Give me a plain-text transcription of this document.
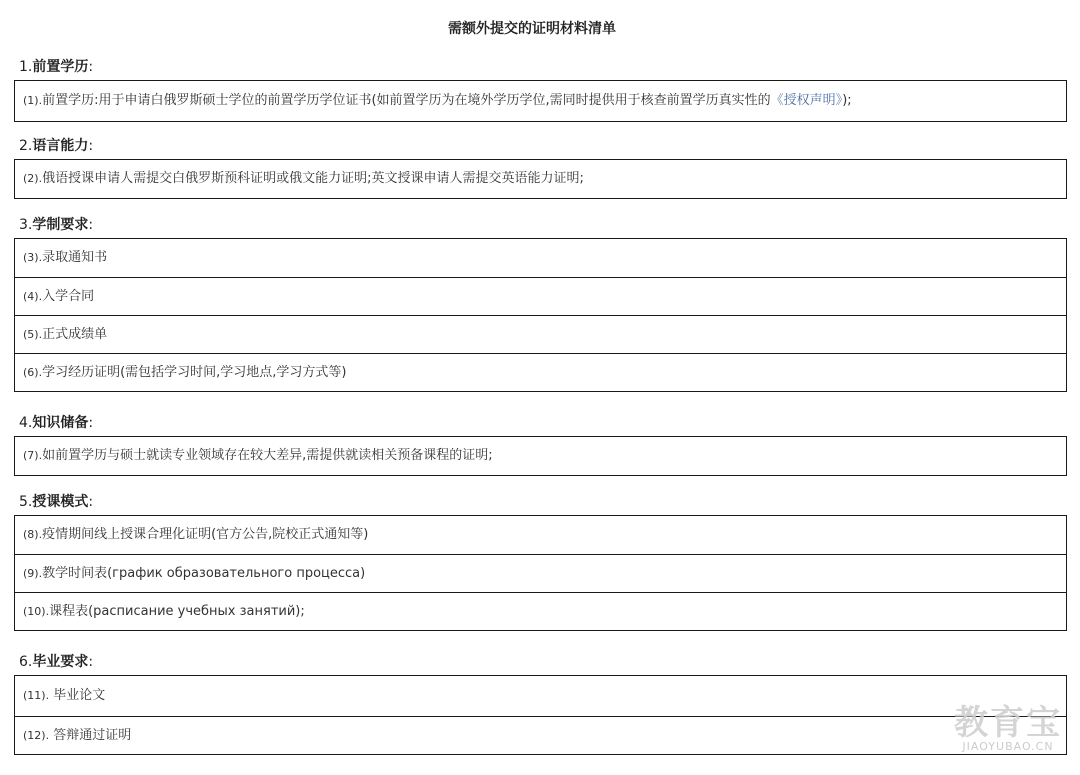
需额外提交的证明材料清单
1.前置学历:
(1).前置学历:用于申请白俄罗斯硕士学位的前置学历学位证书(如前置学历为在境外学历学位,需同时提供用于核查前置学历真实性的《授权声明》);
2.语言能力:
(2).俄语授课申请人需提交白俄罗斯预科证明或俄文能力证明;英文授课申请人需提交英语能力证明;
3.学制要求:
(3).录取通知书
(4).入学合同
(5).正式成绩单
(6).学习经历证明(需包括学习时间,学习地点,学习方式等)
4.知识储备:
(7).如前置学历与硕士就读专业领域存在较大差异,需提供就读相关预备课程的证明;
5.授课模式:
(8).疫情期间线上授课合理化证明(官方公告,院校正式通知等)
(9).教学时间表(график образовательного процесса)
(10).课程表(расписание учебных занятий);
6.毕业要求:
(11). 毕业论文
(12). 答辩通过证明	教育宝
JIAOYUBAO.CN
